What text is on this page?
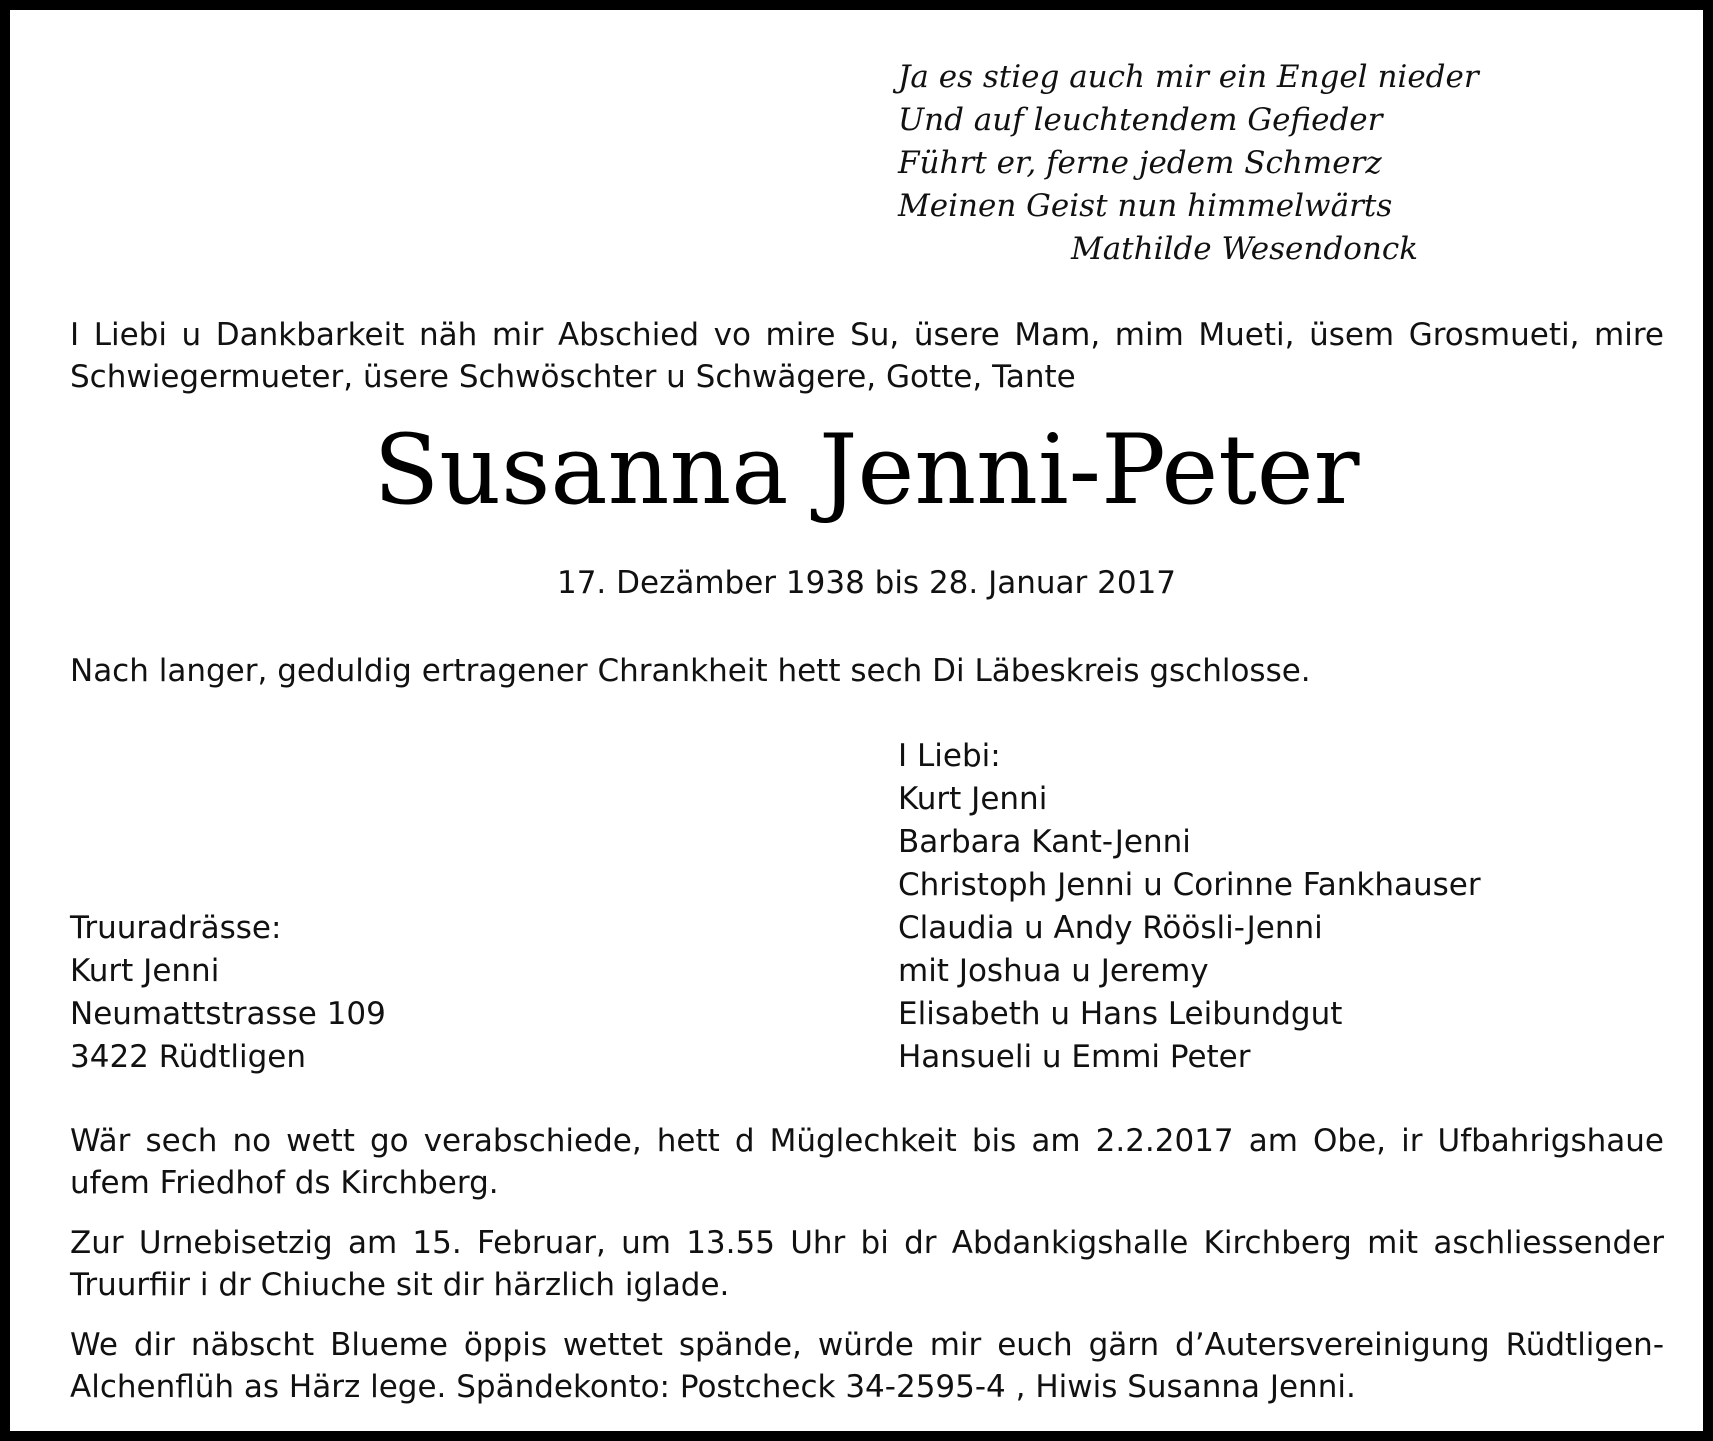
Ja es stieg auch mir ein Engel nieder
Und auf leuchtendem Gefieder
Führt er, ferne jedem Schmerz
Meinen Geist nun himmelwärts
Mathilde Wesendonck
I Liebi u Dankbarkeit näh mir Abschied vo mire Su, üsere Mam, mim Mueti, üsem Grosmueti, mire Schwiegermueter, üsere Schwöschter u Schwägere, Gotte, Tante
Susanna Jenni-Peter
17. Dezämber 1938 bis 28. Januar 2017
Nach langer, geduldig ertragener Chrankheit hett sech Di Läbeskreis gschlosse.
I Liebi:
Kurt Jenni
Barbara Kant-Jenni
Christoph Jenni u Corinne Fankhauser
Claudia u Andy Röösli-Jenni
mit Joshua u Jeremy
Elisabeth u Hans Leibundgut
Hansueli u Emmi Peter
Truuradrässe:
Kurt Jenni
Neumattstrasse 109
3422 Rüdtligen
Wär sech no wett go verabschiede, hett d Müglechkeit bis am 2.2.2017 am Obe, ir Ufbahrigshaue ufem Friedhof ds Kirchberg.
Zur Urnebisetzig am 15. Februar, um 13.55 Uhr bi dr Abdankigshalle Kirchberg mit aschliessender Truurfiir i dr Chiuche sit dir härzlich iglade.
We dir näbscht Blueme öppis wettet spände, würde mir euch gärn d’Autersvereinigung Rüdtligen-Alchenflüh as Härz lege. Spändekonto: Postcheck 34-2595-4 , Hiwis Susanna Jenni.
